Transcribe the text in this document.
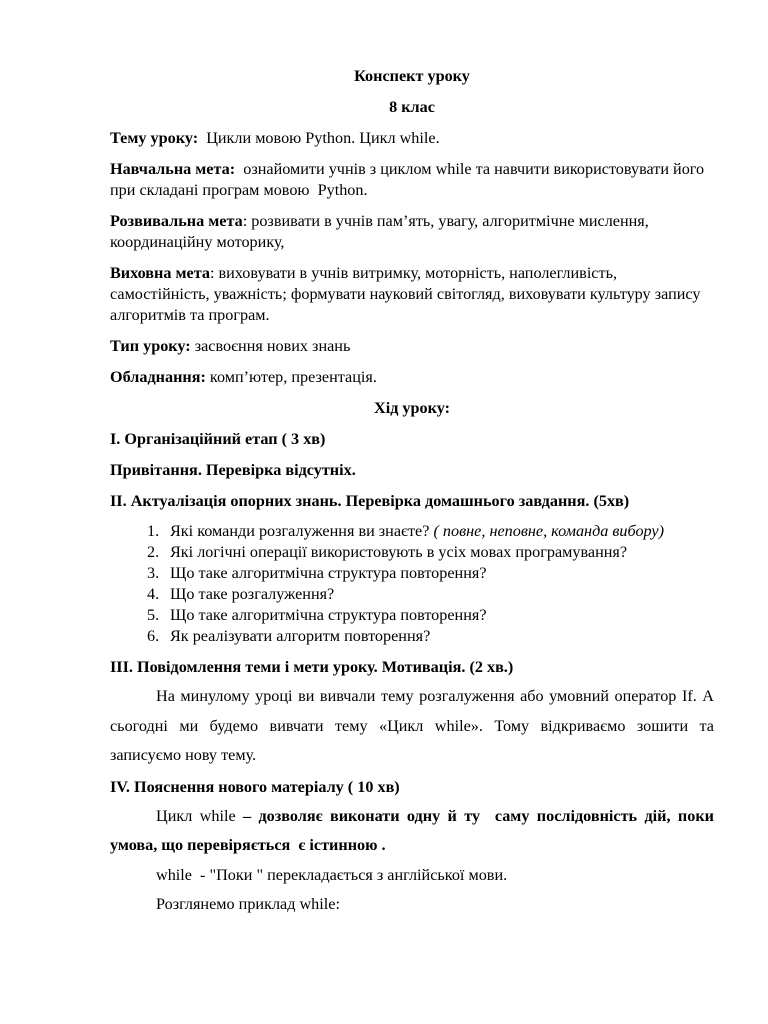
Конспект уроку

8 клас

Тему уроку:  Цикли мовою Python. Цикл while.

Навчальна мета:  ознайомити учнів з циклом while та навчити використовувати його при складані програм мовою  Python.

Розвивальна мета: розвивати в учнів пам’ять, увагу, алгоритмічне мислення, координаційну моторику,

Виховна мета: виховувати в учнів витримку, моторність, наполегливість, самостійність, уважність; формувати науковий світогляд, виховувати культуру запису алгоритмів та програм.

Тип уроку: засвоєння нових знань

Обладнання: комп’ютер, презентація.

Хід уроку:

I. Організаційний етап ( 3 хв)

Привітання. Перевірка відсутніх.

II. Актуалізація опорних знань. Перевірка домашнього завдання. (5хв)

1. Які команди розгалуження ви знаєте? ( повне, неповне, команда вибору)
2. Які логічні операції використовують в усіх мовах програмування?
3. Що таке алгоритмічна структура повторення?
4. Що таке розгалуження?
5. Що таке алгоритмічна структура повторення?
6. Як реалізувати алгоритм повторення?

III. Повідомлення теми і мети уроку. Мотивація. (2 хв.)

На минулому уроці ви вивчали тему розгалуження або умовний оператор If. А сьогодні ми будемо вивчати тему «Цикл while». Тому відкриваємо зошити та записуємо нову тему.

IV. Пояснення нового матеріалу ( 10 хв)

Цикл while – дозволяє виконати одну й ту  саму послідовність дій, поки умова, що перевіряється  є істинною .

while  - "Поки " перекладається з англійської мови.

Розглянемо приклад while:
